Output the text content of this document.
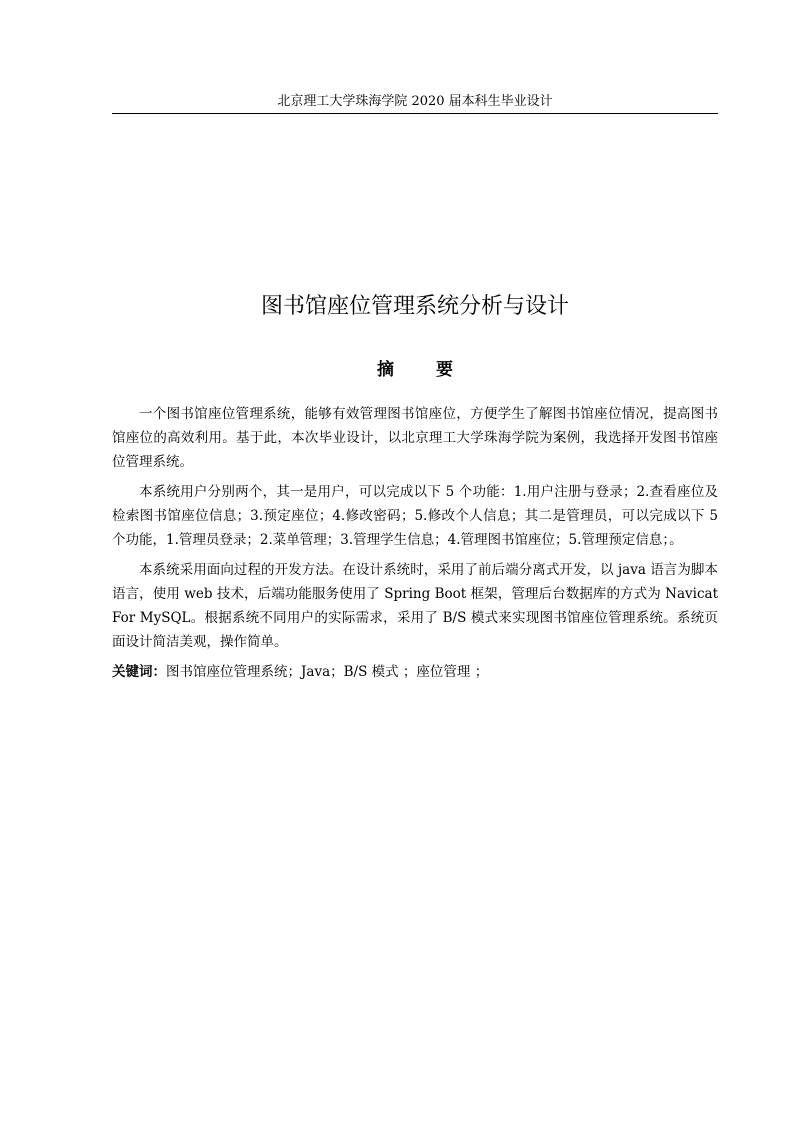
北京理工大学珠海学院 2020 届本科生毕业设计
图书馆座位管理系统分析与设计
摘 要

一个图书馆座位管理系统，能够有效管理图书馆座位，方便学生了解图书馆座位情况，提高图书馆座位的高效利用。基于此，本次毕业设计，以北京理工大学珠海学院为案例，我选择开发图书馆座位管理系统。

本系统用户分别两个，其一是用户，可以完成以下 5 个功能：1.用户注册与登录；2.查看座位及检索图书馆座位信息；3.预定座位；4.修改密码；5.修改个人信息；其二是管理员，可以完成以下 5 个功能，1.管理员登录；2.菜单管理；3.管理学生信息；4.管理图书馆座位；5.管理预定信息；。

本系统采用面向过程的开发方法。在设计系统时，采用了前后端分离式开发，以 java 语言为脚本语言，使用 web 技术，后端功能服务使用了 Spring Boot 框架，管理后台数据库的方式为 Navicat For MySQL。根据系统不同用户的实际需求，采用了 B/S 模式来实现图书馆座位管理系统。系统页面设计简洁美观，操作简单。

关键词：图书馆座位管理系统；Java；B/S 模式 ；座位管理 ；
